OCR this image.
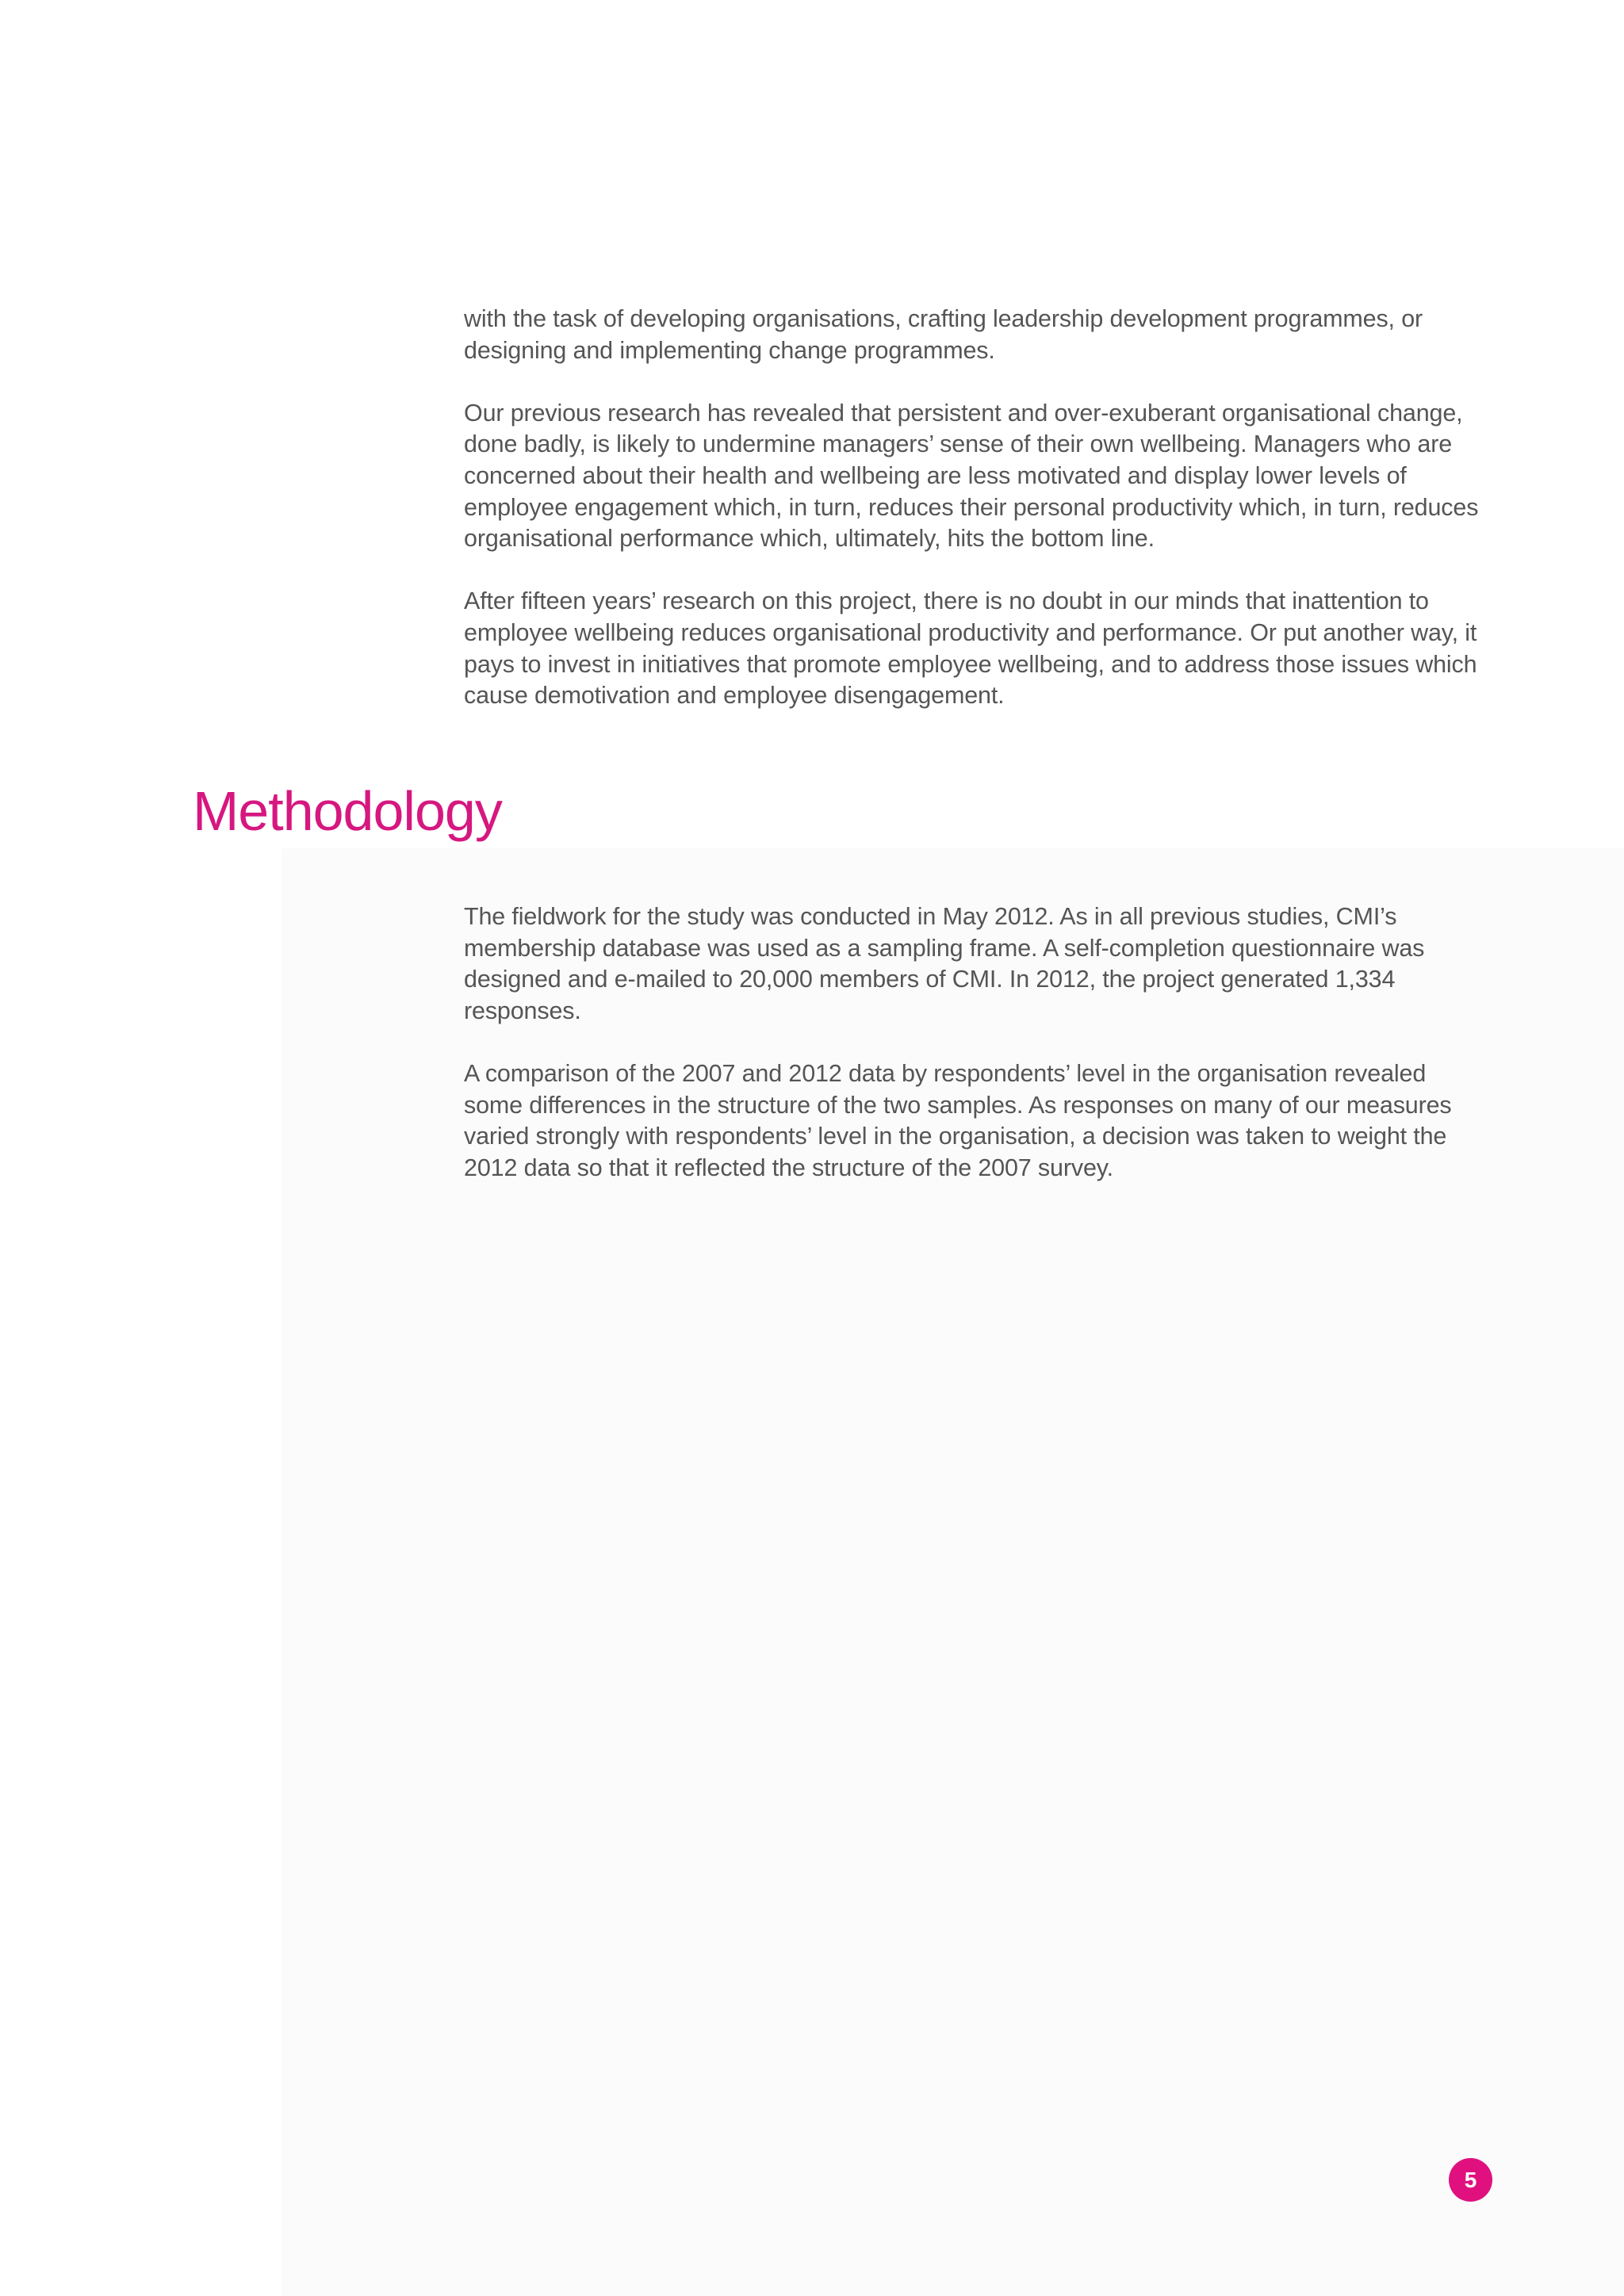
with the task of developing organisations, crafting leadership development programmes, or designing and implementing change programmes.

Our previous research has revealed that persistent and over-exuberant organisational change, done badly, is likely to undermine managers’ sense of their own wellbeing. Managers who are concerned about their health and wellbeing are less motivated and display lower levels of employee engagement which, in turn, reduces their personal productivity which, in turn, reduces organisational performance which, ultimately, hits the bottom line.

After fifteen years’ research on this project, there is no doubt in our minds that inattention to employee wellbeing reduces organisational productivity and performance. Or put another way, it pays to invest in initiatives that promote employee wellbeing, and to address those issues which cause demotivation and employee disengagement.

Methodology

The fieldwork for the study was conducted in May 2012. As in all previous studies, CMI’s membership database was used as a sampling frame. A self-completion questionnaire was designed and e-mailed to 20,000 members of CMI. In 2012, the project generated 1,334 responses.

A comparison of the 2007 and 2012 data by respondents’ level in the organisation revealed some differences in the structure of the two samples. As responses on many of our measures varied strongly with respondents’ level in the organisation, a decision was taken to weight the 2012 data so that it reflected the structure of the 2007 survey.

5
